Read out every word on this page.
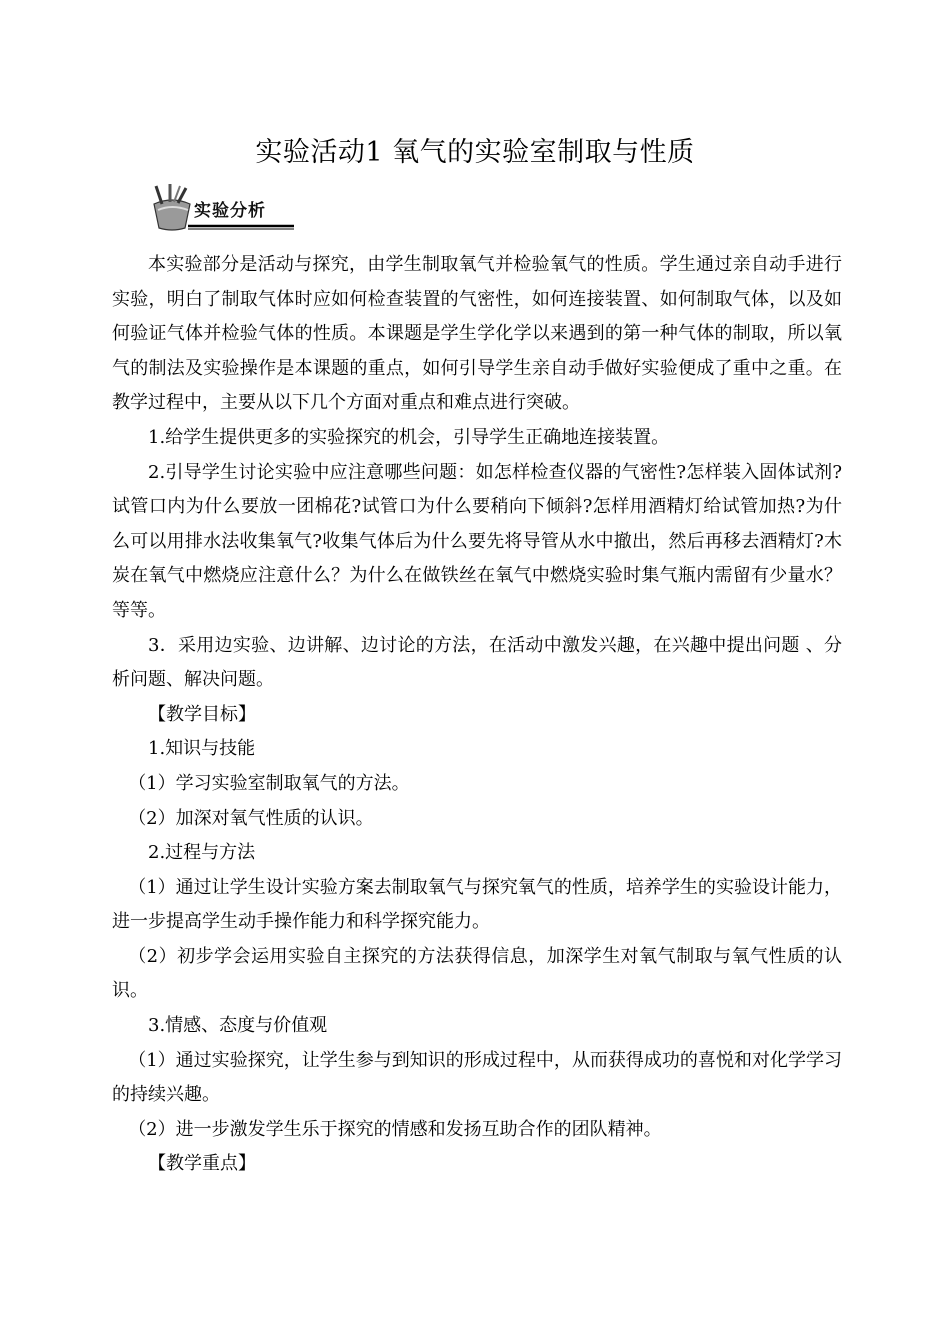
实验活动1 氧气的实验室制取与性质
实验分析

本实验部分是活动与探究，由学生制取氧气并检验氧气的性质。学生通过亲自动手进行实验，明白了制取气体时应如何检查装置的气密性，如何连接装置、如何制取气体，以及如何验证气体并检验气体的性质。本课题是学生学化学以来遇到的第一种气体的制取，所以氧气的制法及实验操作是本课题的重点，如何引导学生亲自动手做好实验便成了重中之重。在教学过程中，主要从以下几个方面对重点和难点进行突破。

1.给学生提供更多的实验探究的机会，引导学生正确地连接装置。

2.引导学生讨论实验中应注意哪些问题：如怎样检查仪器的气密性?怎样装入固体试剂?试管口内为什么要放一团棉花?试管口为什么要稍向下倾斜?怎样用酒精灯给试管加热?为什么可以用排水法收集氧气?收集气体后为什么要先将导管从水中撤出，然后再移去酒精灯?木炭在氧气中燃烧应注意什么？为什么在做铁丝在氧气中燃烧实验时集气瓶内需留有少量水？等等。

3．采用边实验、边讲解、边讨论的方法，在活动中激发兴趣，在兴趣中提出问题 、分析问题、解决问题。

【教学目标】

1.知识与技能

（1）学习实验室制取氧气的方法。

（2）加深对氧气性质的认识。

2.过程与方法

（1）通过让学生设计实验方案去制取氧气与探究氧气的性质，培养学生的实验设计能力，进一步提高学生动手操作能力和科学探究能力。

（2）初步学会运用实验自主探究的方法获得信息，加深学生对氧气制取与氧气性质的认识。

3.情感、态度与价值观

（1）通过实验探究，让学生参与到知识的形成过程中，从而获得成功的喜悦和对化学学习的持续兴趣。

（2）进一步激发学生乐于探究的情感和发扬互助合作的团队精神。

【教学重点】
